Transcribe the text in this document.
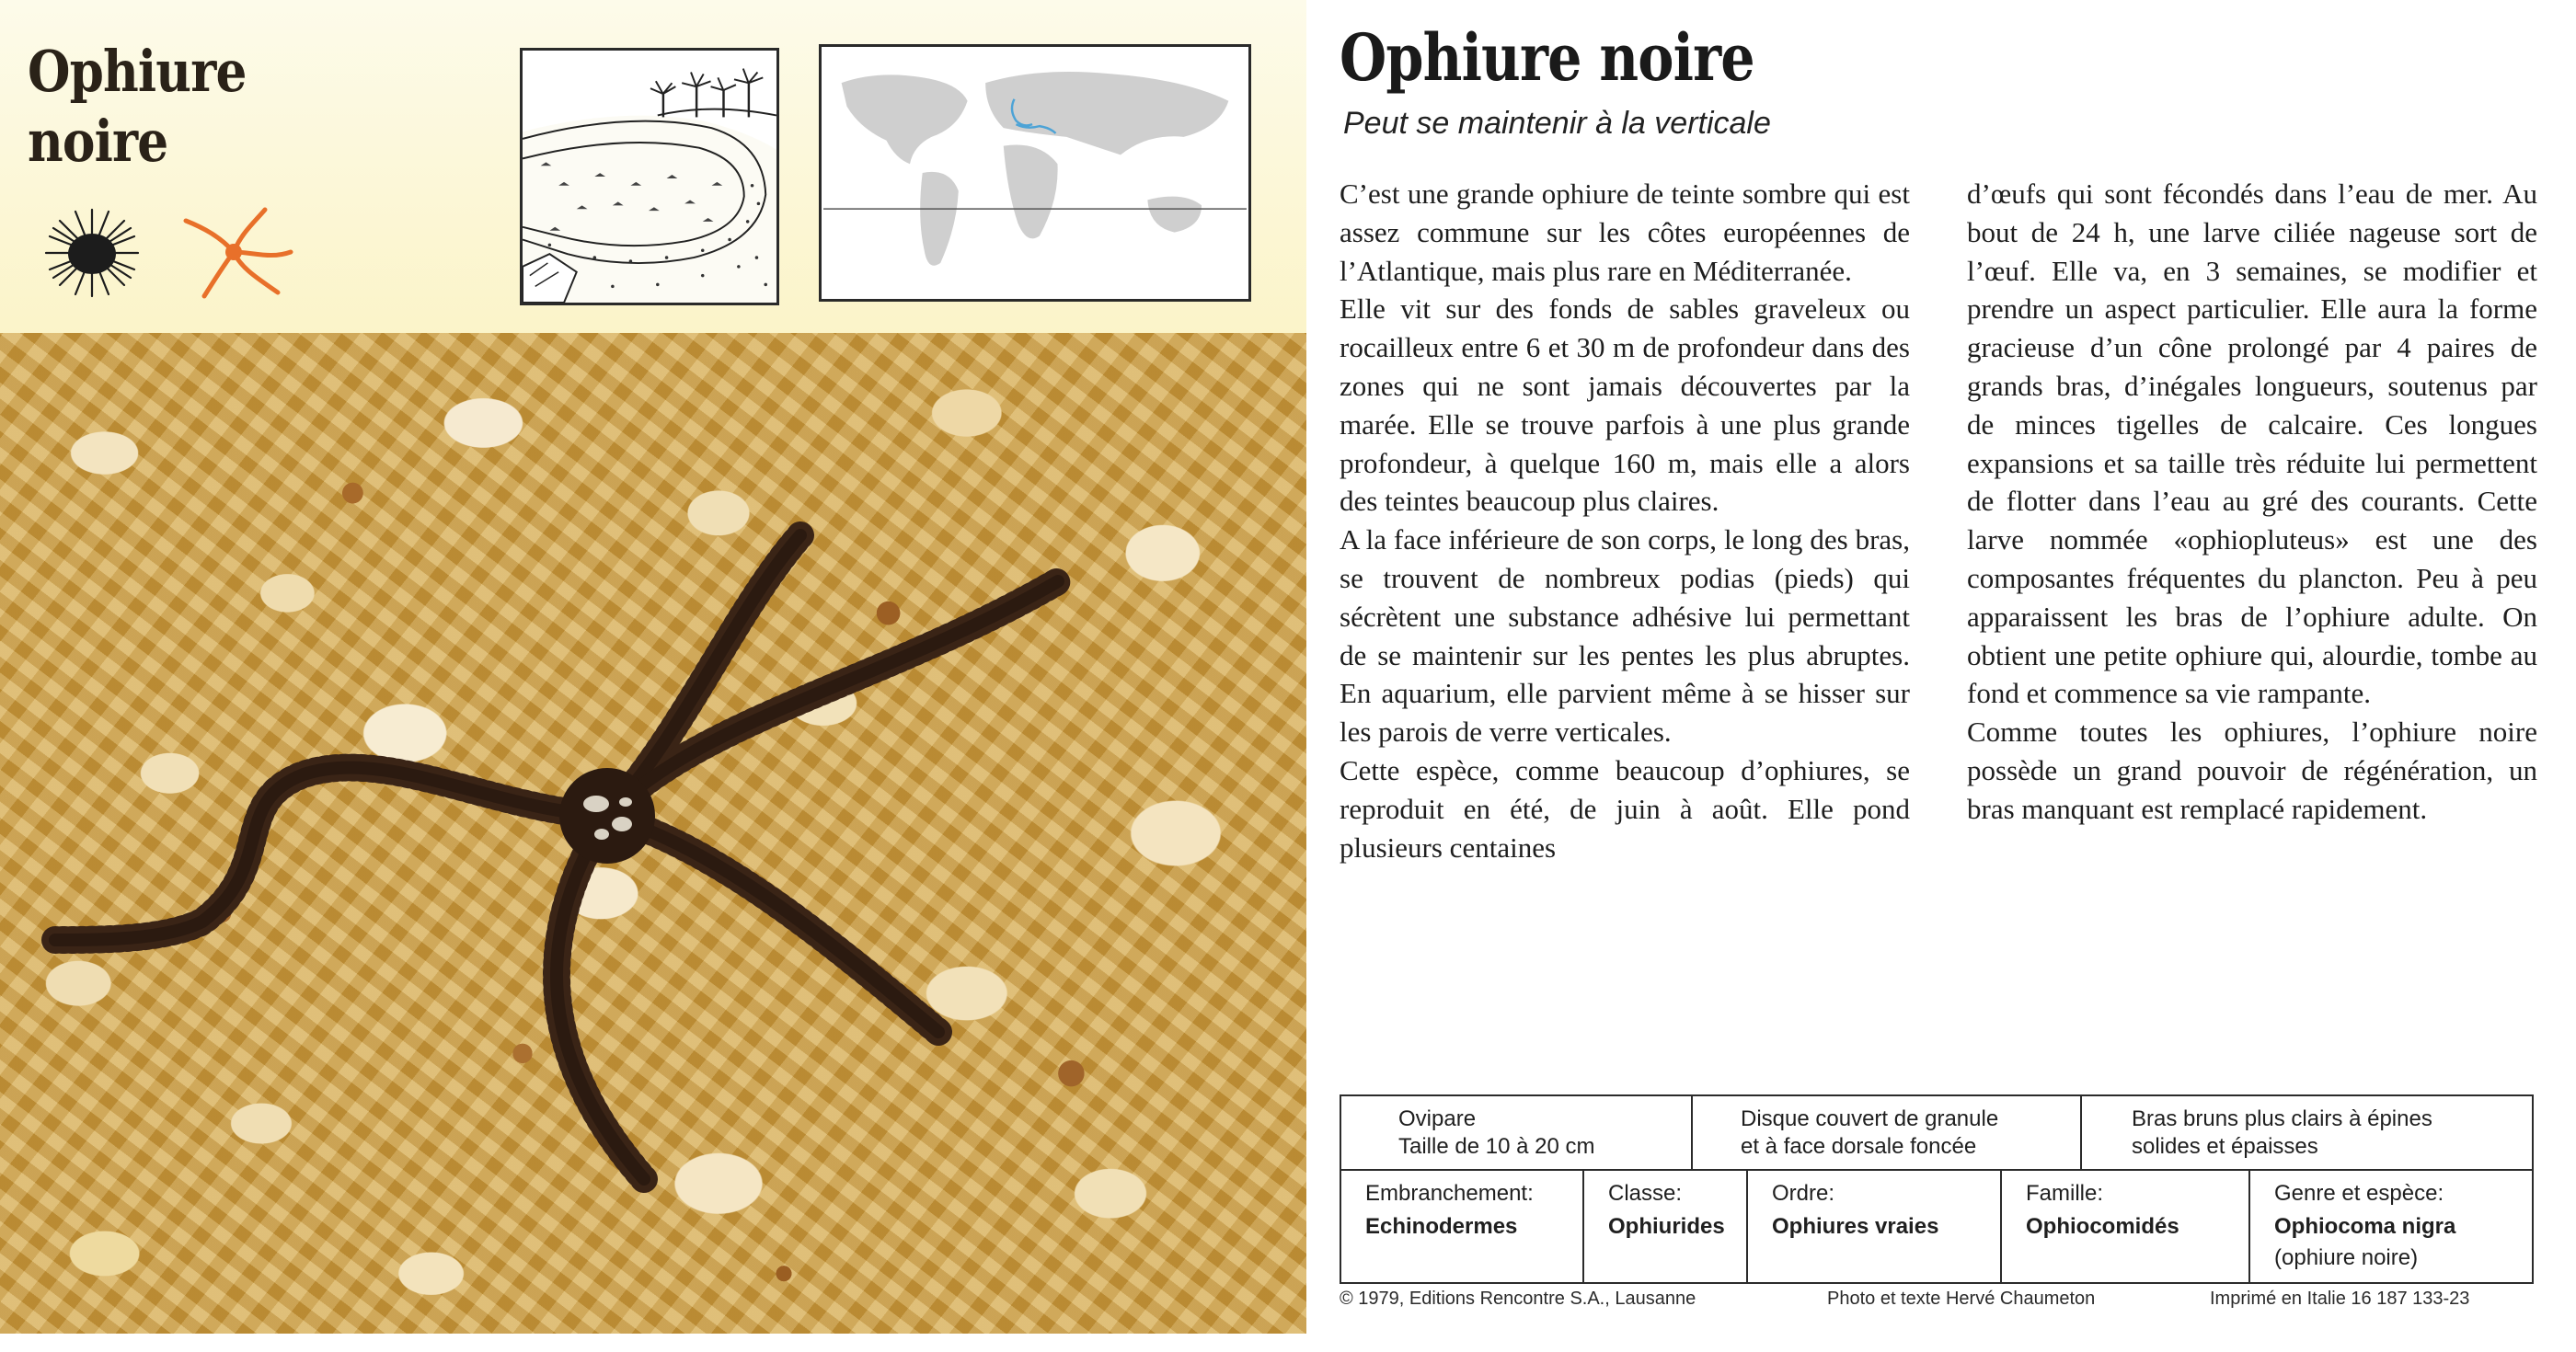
Ophiure
noire
Ophiure noire
Peut se maintenir à la verticale
C’est une grande ophiure de teinte sombre qui est assez commune sur les côtes européennes de l’Atlantique, mais plus rare en Méditerranée.
Elle vit sur des fonds de sables graveleux ou rocailleux entre 6 et 30 m de profondeur dans des zones qui ne sont jamais découvertes par la marée. Elle se trouve parfois à une plus grande profondeur, à quelque 160 m, mais elle a alors des teintes beaucoup plus claires.
A la face inférieure de son corps, le long des bras, se trouvent de nombreux podias (pieds) qui sécrètent une substance adhésive lui permettant de se maintenir sur les pentes les plus abruptes. En aquarium, elle parvient même à se hisser sur les parois de verre verticales.
Cette espèce, comme beaucoup d’ophiures, se reproduit en été, de juin à août. Elle pond plusieurs centaines
d’œufs qui sont fécondés dans l’eau de mer. Au bout de 24 h, une larve ciliée nageuse sort de l’œuf. Elle va, en 3 semaines, se modifier et prendre un aspect particulier. Elle aura la forme gracieuse d’un cône prolongé par 4 paires de grands bras, d’inégales longueurs, soutenus par de minces tigelles de calcaire. Ces longues expansions et sa taille très réduite lui permettent de flotter dans l’eau au gré des courants. Cette larve nommée «ophiopluteus» est une des composantes fréquentes du plancton. Peu à peu apparaissent les bras de l’ophiure adulte. On obtient une petite ophiure qui, alourdie, tombe au fond et commence sa vie rampante.
Comme toutes les ophiures, l’ophiure noire possède un grand pouvoir de régénération, un bras manquant est remplacé rapidement.
Ovipare
Taille de 10 à 20 cm
Disque couvert de granule
et à face dorsale foncée
Bras bruns plus clairs à épines
solides et épaisses
Embranchement:
Echinodermes
Classe:
Ophiurides
Ordre:
Ophiures vraies
Famille:
Ophiocomidés
Genre et espèce:
Ophiocoma nigra
(ophiure noire)
© 1979, Editions Rencontre S.A., Lausanne	Photo et texte Hervé Chaumeton	Imprimé en Italie 16 187 133-23
